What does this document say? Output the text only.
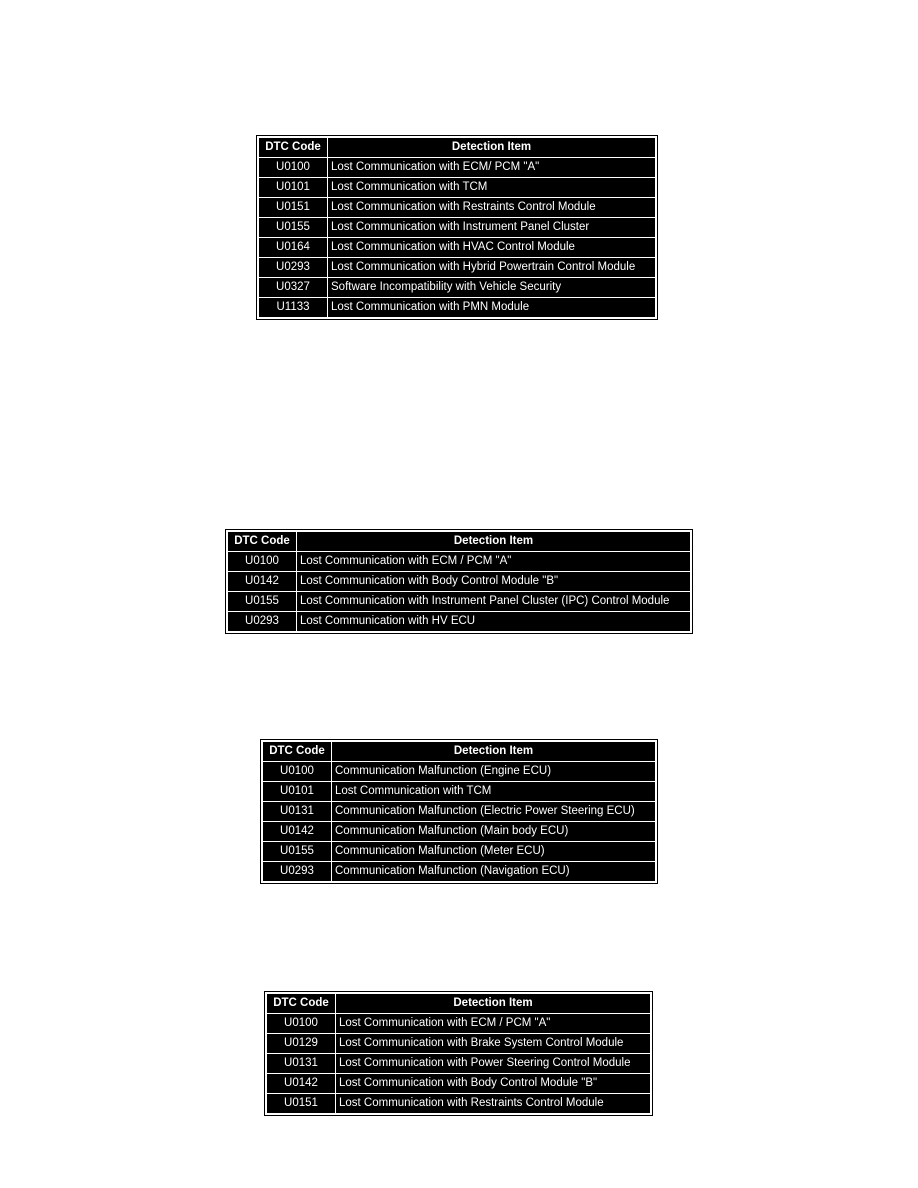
DTC Code	Detection Item
U0100	Lost Communication with ECM/ PCM "A"
U0101	Lost Communication with TCM
U0151	Lost Communication with Restraints Control Module
U0155	Lost Communication with Instrument Panel Cluster
U0164	Lost Communication with HVAC Control Module
U0293	Lost Communication with Hybrid Powertrain Control Module
U0327	Software Incompatibility with Vehicle Security
U1133	Lost Communication with PMN Module
DTC Code	Detection Item
U0100	Lost Communication with ECM / PCM "A"
U0142	Lost Communication with Body Control Module "B"
U0155	Lost Communication with Instrument Panel Cluster (IPC) Control Module
U0293	Lost Communication with HV ECU
DTC Code	Detection Item
U0100	Communication Malfunction (Engine ECU)
U0101	Lost Communication with TCM
U0131	Communication Malfunction (Electric Power Steering ECU)
U0142	Communication Malfunction (Main body ECU)
U0155	Communication Malfunction (Meter ECU)
U0293	Communication Malfunction (Navigation ECU)
DTC Code	Detection Item
U0100	Lost Communication with ECM / PCM "A"
U0129	Lost Communication with Brake System Control Module
U0131	Lost Communication with Power Steering Control Module
U0142	Lost Communication with Body Control Module "B"
U0151	Lost Communication with Restraints Control Module
